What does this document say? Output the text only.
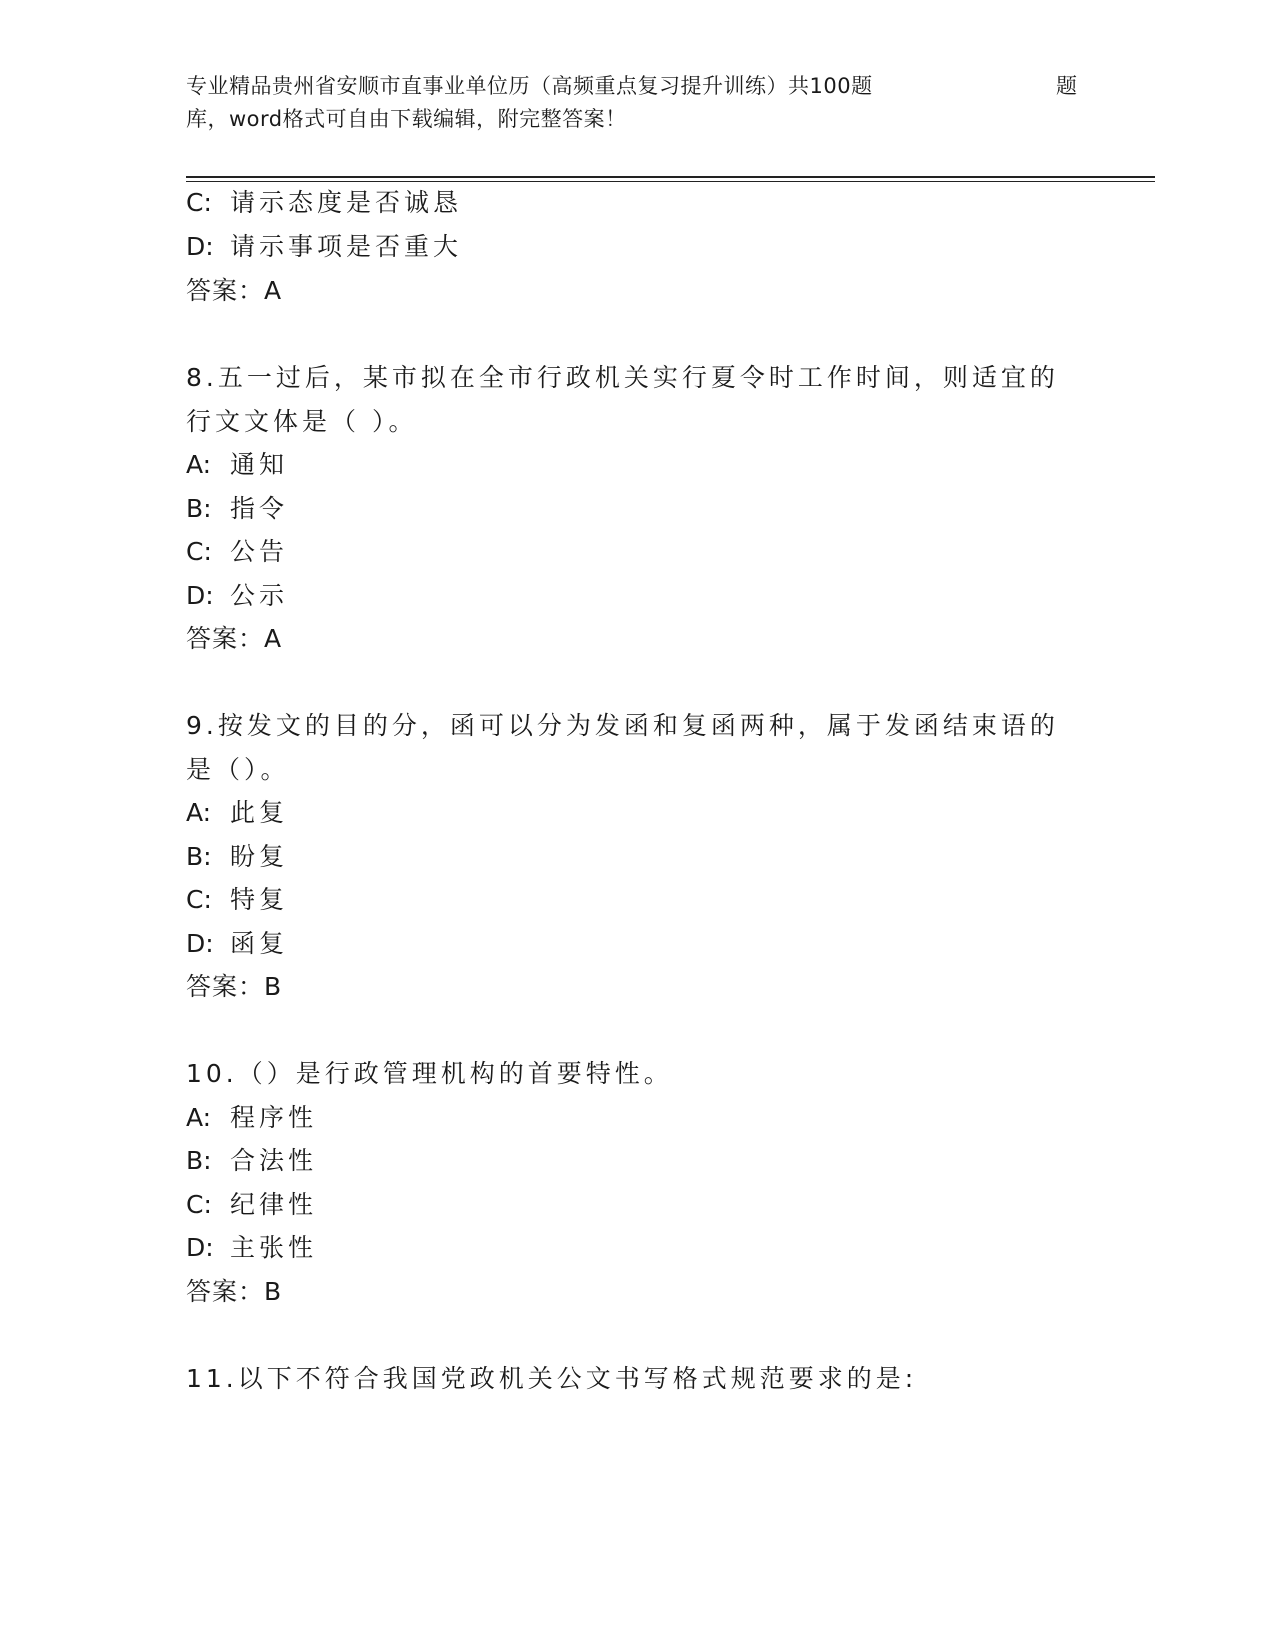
专业精品贵州省安顺市直事业单位历（高频重点复习提升训练）共100题	题
库，word格式可自由下载编辑，附完整答案！
C: 请示态度是否诚恳
D: 请示事项是否重大
答案：A
8.五一过后，某市拟在全市行政机关实行夏令时工作时间，则适宜的
行文文体是（ ）。
A: 通知
B: 指令
C: 公告
D: 公示
答案：A
9.按发文的目的分，函可以分为发函和复函两种，属于发函结束语的
是（）。
A: 此复
B: 盼复
C: 特复
D: 函复
答案：B
10.（）是行政管理机构的首要特性。
A: 程序性
B: 合法性
C: 纪律性
D: 主张性
答案：B
11.以下不符合我国党政机关公文书写格式规范要求的是:
